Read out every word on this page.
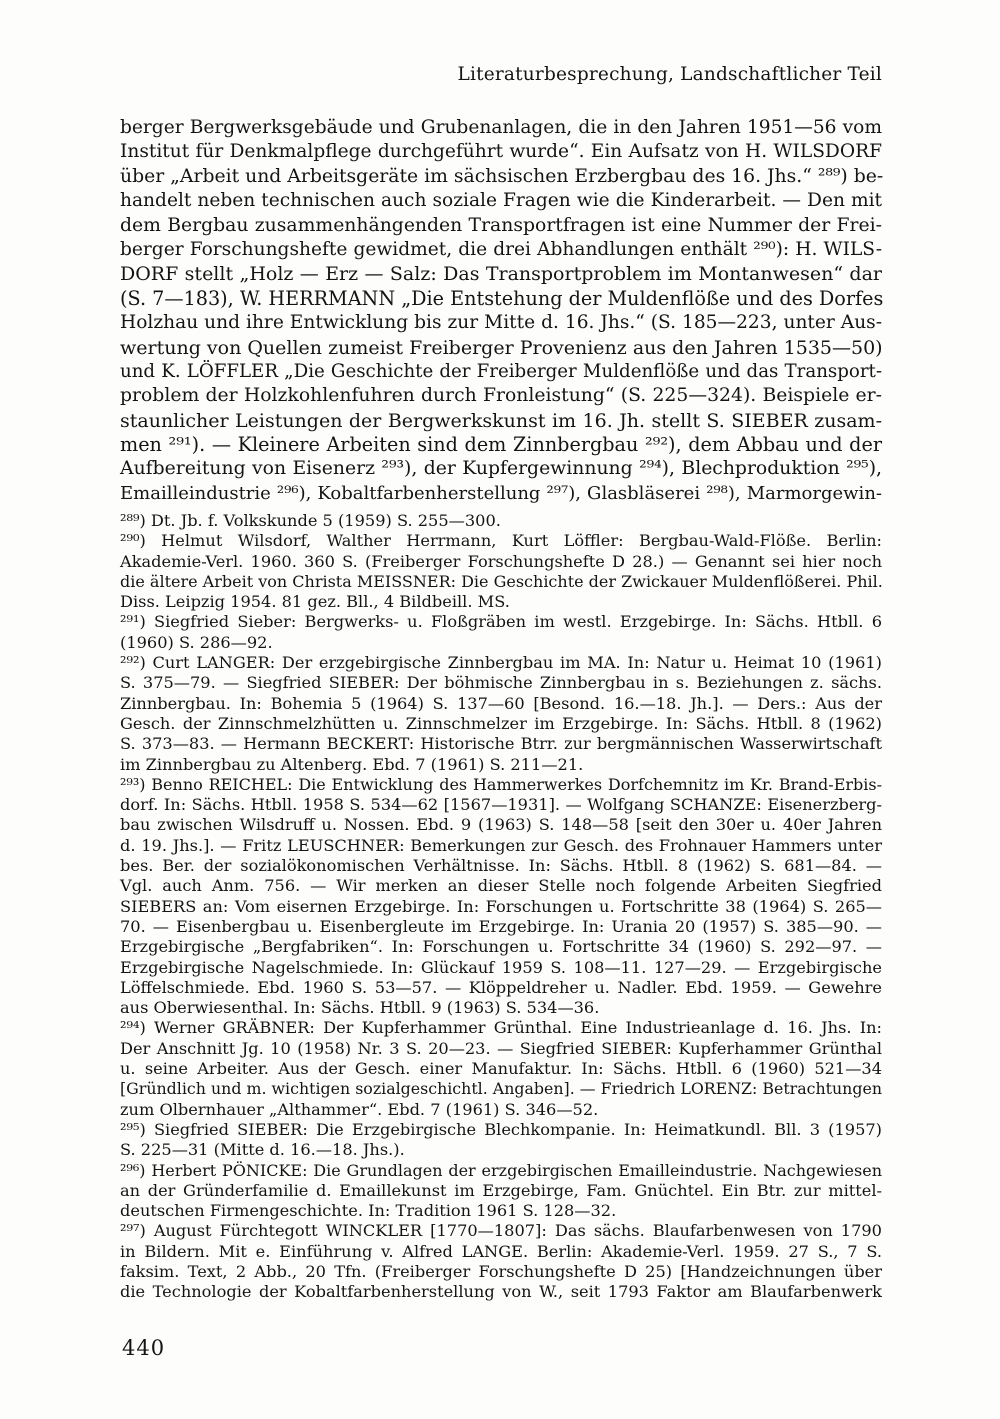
Literaturbesprechung, Landschaftlicher Teil
berger Bergwerksgebäude und Grubenanlagen, die in den Jahren 1951—56 vom
Institut für Denkmalpflege durchgeführt wurde“. Ein Aufsatz von H. WILSDORF
über „Arbeit und Arbeitsgeräte im sächsischen Erzbergbau des 16. Jhs.“ ²⁸⁹) be-
handelt neben technischen auch soziale Fragen wie die Kinderarbeit. — Den mit
dem Bergbau zusammenhängenden Transportfragen ist eine Nummer der Frei-
berger Forschungshefte gewidmet, die drei Abhandlungen enthält ²⁹⁰): H. WILS-
DORF stellt „Holz — Erz — Salz: Das Transportproblem im Montanwesen“ dar
(S. 7—183), W. HERRMANN „Die Entstehung der Muldenflöße und des Dorfes
Holzhau und ihre Entwicklung bis zur Mitte d. 16. Jhs.“ (S. 185—223, unter Aus-
wertung von Quellen zumeist Freiberger Provenienz aus den Jahren 1535—50)
und K. LÖFFLER „Die Geschichte der Freiberger Muldenflöße und das Transport-
problem der Holzkohlenfuhren durch Fronleistung“ (S. 225—324). Beispiele er-
staunlicher Leistungen der Bergwerkskunst im 16. Jh. stellt S. SIEBER zusam-
men ²⁹¹). — Kleinere Arbeiten sind dem Zinnbergbau ²⁹²), dem Abbau und der
Aufbereitung von Eisenerz ²⁹³), der Kupfergewinnung ²⁹⁴), Blechproduktion ²⁹⁵),
Emailleindustrie ²⁹⁶), Kobaltfarbenherstellung ²⁹⁷), Glasbläserei ²⁹⁸), Marmorgewin-
²⁸⁹) Dt. Jb. f. Volkskunde 5 (1959) S. 255—300.
²⁹⁰) Helmut Wilsdorf, Walther Herrmann, Kurt Löffler: Bergbau-Wald-Flöße. Berlin:
Akademie-Verl. 1960. 360 S. (Freiberger Forschungshefte D 28.) — Genannt sei hier noch
die ältere Arbeit von Christa MEISSNER: Die Geschichte der Zwickauer Muldenflößerei. Phil.
Diss. Leipzig 1954. 81 gez. Bll., 4 Bildbeill. MS.
²⁹¹) Siegfried Sieber: Bergwerks- u. Floßgräben im westl. Erzgebirge. In: Sächs. Htbll. 6
(1960) S. 286—92.
²⁹²) Curt LANGER: Der erzgebirgische Zinnbergbau im MA. In: Natur u. Heimat 10 (1961)
S. 375—79. — Siegfried SIEBER: Der böhmische Zinnbergbau in s. Beziehungen z. sächs.
Zinnbergbau. In: Bohemia 5 (1964) S. 137—60 [Besond. 16.—18. Jh.]. — Ders.: Aus der
Gesch. der Zinnschmelzhütten u. Zinnschmelzer im Erzgebirge. In: Sächs. Htbll. 8 (1962)
S. 373—83. — Hermann BECKERT: Historische Btrr. zur bergmännischen Wasserwirtschaft
im Zinnbergbau zu Altenberg. Ebd. 7 (1961) S. 211—21.
²⁹³) Benno REICHEL: Die Entwicklung des Hammerwerkes Dorfchemnitz im Kr. Brand-Erbis-
dorf. In: Sächs. Htbll. 1958 S. 534—62 [1567—1931]. — Wolfgang SCHANZE: Eisenerzberg-
bau zwischen Wilsdruff u. Nossen. Ebd. 9 (1963) S. 148—58 [seit den 30er u. 40er Jahren
d. 19. Jhs.]. — Fritz LEUSCHNER: Bemerkungen zur Gesch. des Frohnauer Hammers unter
bes. Ber. der sozialökonomischen Verhältnisse. In: Sächs. Htbll. 8 (1962) S. 681—84. —
Vgl. auch Anm. 756. — Wir merken an dieser Stelle noch folgende Arbeiten Siegfried
SIEBERS an: Vom eisernen Erzgebirge. In: Forschungen u. Fortschritte 38 (1964) S. 265—
70. — Eisenbergbau u. Eisenbergleute im Erzgebirge. In: Urania 20 (1957) S. 385—90. —
Erzgebirgische „Bergfabriken“. In: Forschungen u. Fortschritte 34 (1960) S. 292—97. —
Erzgebirgische Nagelschmiede. In: Glückauf 1959 S. 108—11. 127—29. — Erzgebirgische
Löffelschmiede. Ebd. 1960 S. 53—57. — Klöppeldreher u. Nadler. Ebd. 1959. — Gewehre
aus Oberwiesenthal. In: Sächs. Htbll. 9 (1963) S. 534—36.
²⁹⁴) Werner GRÄBNER: Der Kupferhammer Grünthal. Eine Industrieanlage d. 16. Jhs. In:
Der Anschnitt Jg. 10 (1958) Nr. 3 S. 20—23. — Siegfried SIEBER: Kupferhammer Grünthal
u. seine Arbeiter. Aus der Gesch. einer Manufaktur. In: Sächs. Htbll. 6 (1960) 521—34
[Gründlich und m. wichtigen sozialgeschichtl. Angaben]. — Friedrich LORENZ: Betrachtungen
zum Olbernhauer „Althammer“. Ebd. 7 (1961) S. 346—52.
²⁹⁵) Siegfried SIEBER: Die Erzgebirgische Blechkompanie. In: Heimatkundl. Bll. 3 (1957)
S. 225—31 (Mitte d. 16.—18. Jhs.).
²⁹⁶) Herbert PÖNICKE: Die Grundlagen der erzgebirgischen Emailleindustrie. Nachgewiesen
an der Gründerfamilie d. Emaillekunst im Erzgebirge, Fam. Gnüchtel. Ein Btr. zur mittel-
deutschen Firmengeschichte. In: Tradition 1961 S. 128—32.
²⁹⁷) August Fürchtegott WINCKLER [1770—1807]: Das sächs. Blaufarbenwesen von 1790
in Bildern. Mit e. Einführung v. Alfred LANGE. Berlin: Akademie-Verl. 1959. 27 S., 7 S.
faksim. Text, 2 Abb., 20 Tfn. (Freiberger Forschungshefte D 25) [Handzeichnungen über
die Technologie der Kobaltfarbenherstellung von W., seit 1793 Faktor am Blaufarbenwerk
440
